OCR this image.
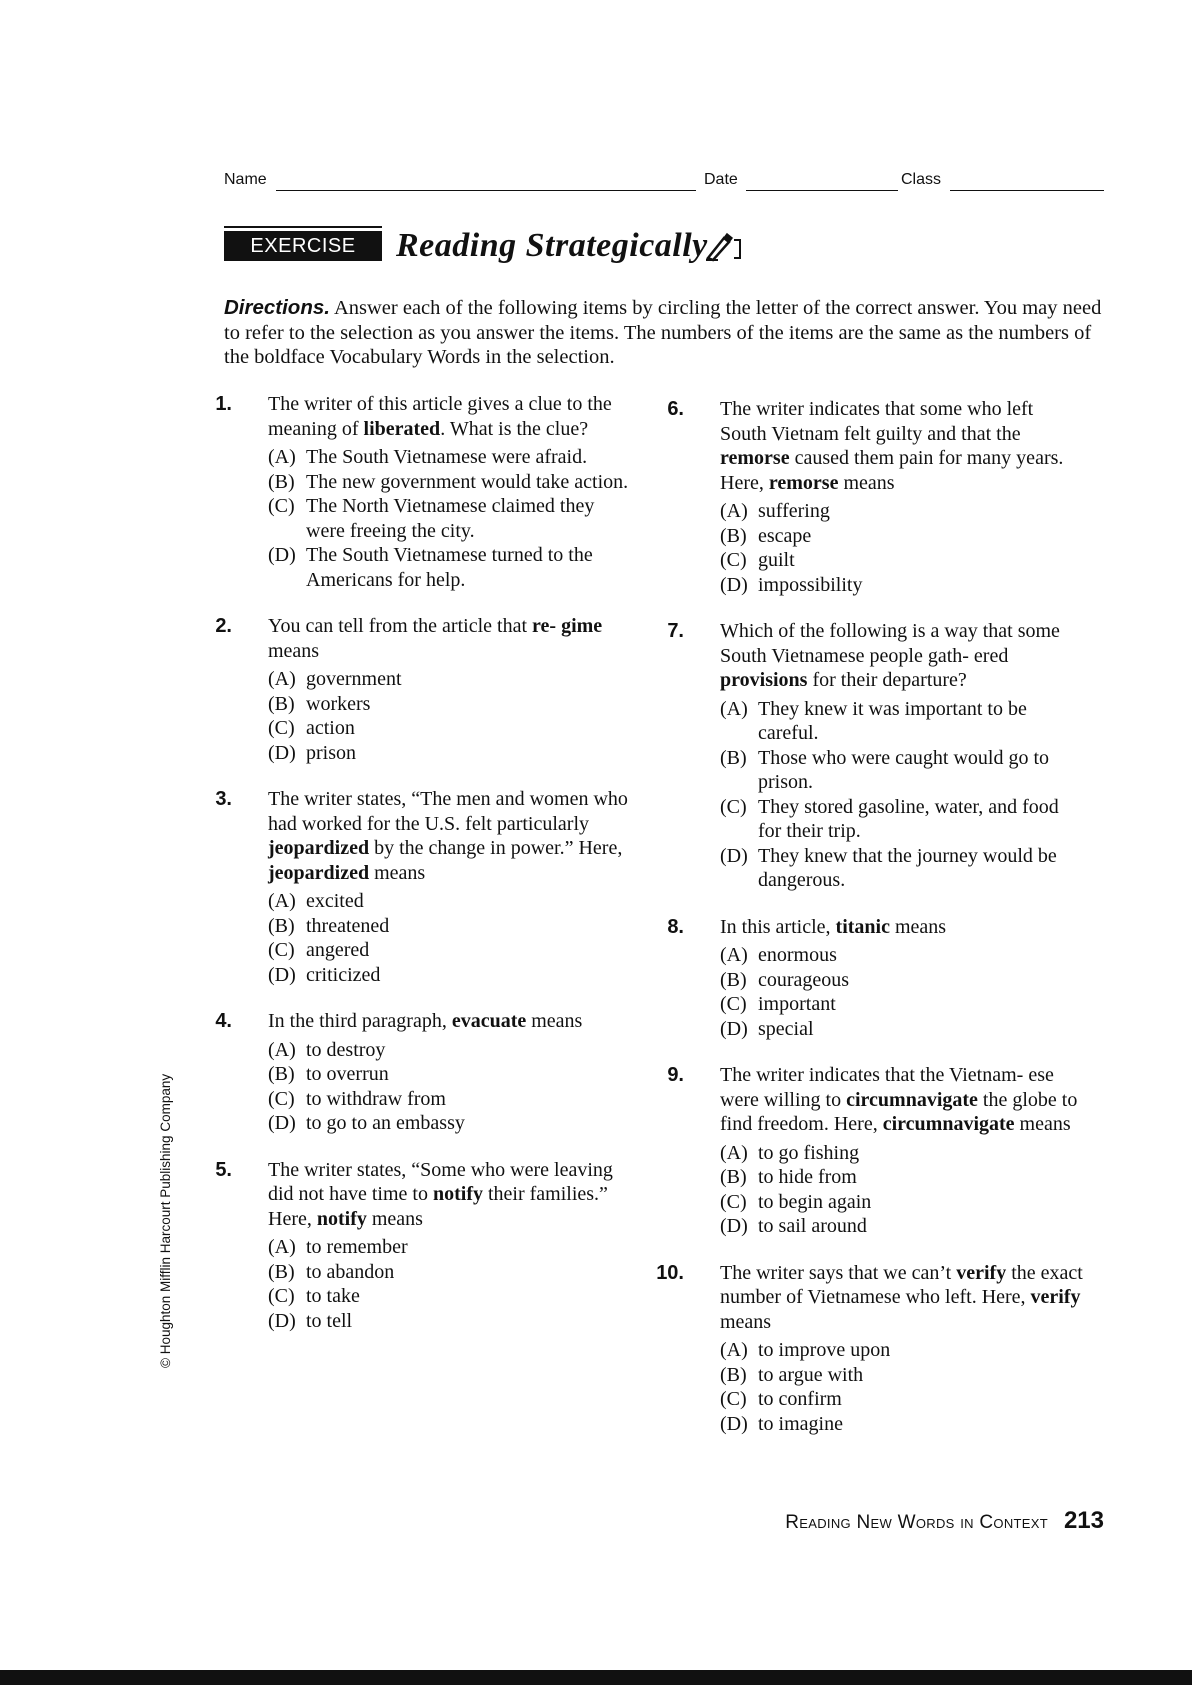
Name	Date	Class
EXERCISE	Reading Strategically
Directions. Answer each of the following items by circling the letter of the correct answer. You may need to refer to the selection as you answer the items. The numbers of the items are the same as the numbers of the boldface Vocabulary Words in the selection.
1. The writer of this article gives a clue to the meaning of liberated. What is the clue?
(A) The South Vietnamese were afraid.
(B) The new government would take action.
(C) The North Vietnamese claimed they were freeing the city.
(D) The South Vietnamese turned to the Americans for help.
2. You can tell from the article that re- gime means
(A) government
(B) workers
(C) action
(D) prison
3. The writer states, “The men and women who had worked for the U.S. felt particularly jeopardized by the change in power.” Here, jeopardized means
(A) excited
(B) threatened
(C) angered
(D) criticized
4. In the third paragraph, evacuate means
(A) to destroy
(B) to overrun
(C) to withdraw from
(D) to go to an embassy
5. The writer states, “Some who were leaving did not have time to notify their families.” Here, notify means
(A) to remember
(B) to abandon
(C) to take
(D) to tell
6. The writer indicates that some who left South Vietnam felt guilty and that the remorse caused them pain for many years. Here, remorse means
(A) suffering
(B) escape
(C) guilt
(D) impossibility
7. Which of the following is a way that some South Vietnamese people gath- ered provisions for their departure?
(A) They knew it was important to be careful.
(B) Those who were caught would go to prison.
(C) They stored gasoline, water, and food for their trip.
(D) They knew that the journey would be dangerous.
8. In this article, titanic means
(A) enormous
(B) courageous
(C) important
(D) special
9. The writer indicates that the Vietnam- ese were willing to circumnavigate the globe to find freedom. Here, circumnavigate means
(A) to go fishing
(B) to hide from
(C) to begin again
(D) to sail around
10. The writer says that we can’t verify the exact number of Vietnamese who left. Here, verify means
(A) to improve upon
(B) to argue with
(C) to confirm
(D) to imagine
Reading New Words in Context 213
© Houghton Mifflin Harcourt Publishing Company
